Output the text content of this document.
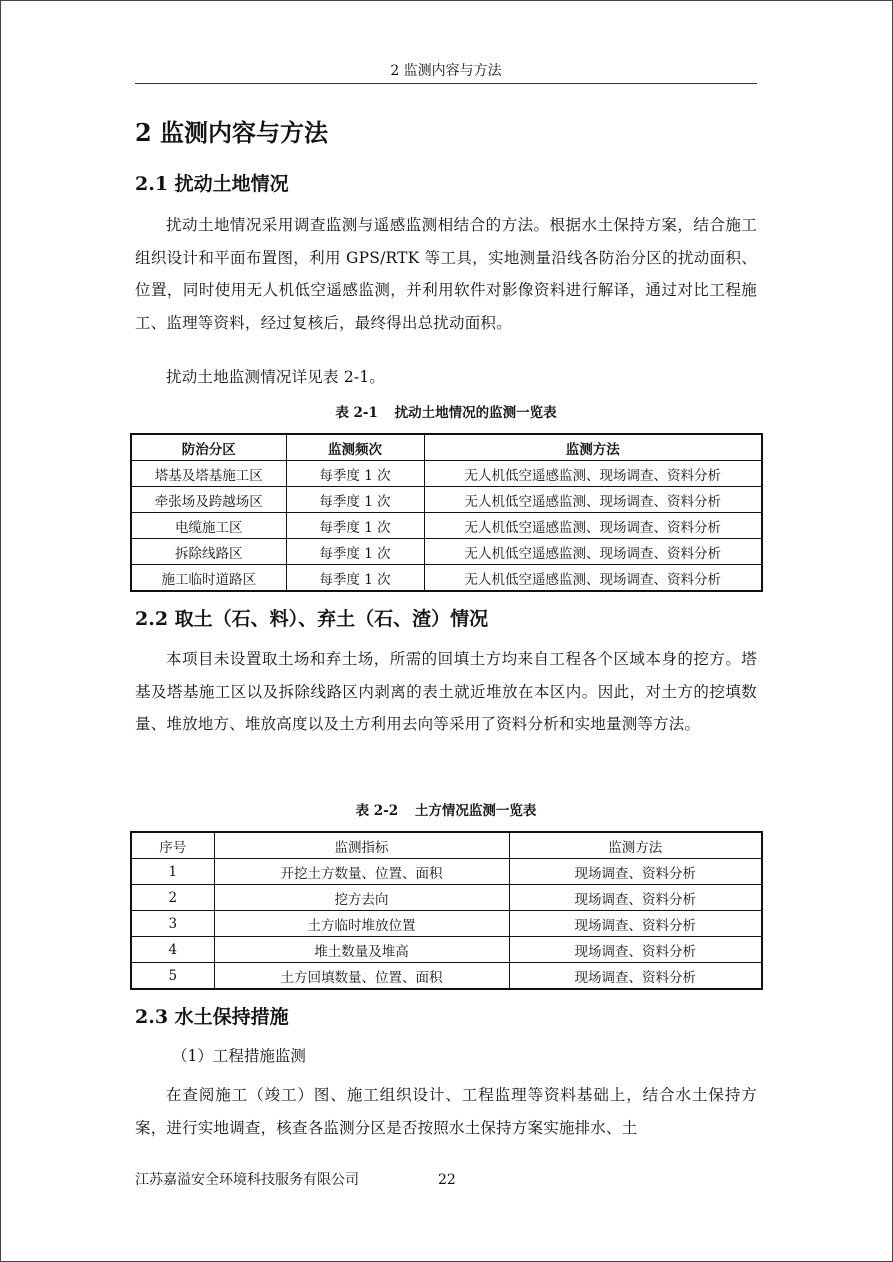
2 监测内容与方法
2 监测内容与方法
2.1 扰动土地情况

扰动土地情况采用调查监测与遥感监测相结合的方法。根据水土保持方案，结合施工组织设计和平面布置图，利用 GPS/RTK 等工具，实地测量沿线各防治分区的扰动面积、位置，同时使用无人机低空遥感监测，并利用软件对影像资料进行解译，通过对比工程施工、监理等资料，经过复核后，最终得出总扰动面积。

扰动土地监测情况详见表 2-1。

表 2-1 扰动土地情况的监测一览表
防治分区	监测频次	监测方法
塔基及塔基施工区	每季度 1 次	无人机低空遥感监测、现场调查、资料分析
牵张场及跨越场区	每季度 1 次	无人机低空遥感监测、现场调查、资料分析
电缆施工区	每季度 1 次	无人机低空遥感监测、现场调查、资料分析
拆除线路区	每季度 1 次	无人机低空遥感监测、现场调查、资料分析
施工临时道路区	每季度 1 次	无人机低空遥感监测、现场调查、资料分析
2.2 取土（石、料）、弃土（石、渣）情况

本项目未设置取土场和弃土场，所需的回填土方均来自工程各个区域本身的挖方。塔基及塔基施工区以及拆除线路区内剥离的表土就近堆放在本区内。因此，对土方的挖填数量、堆放地方、堆放高度以及土方利用去向等采用了资料分析和实地量测等方法。

表 2-2 土方情况监测一览表
序号	监测指标	监测方法
1	开挖土方数量、位置、面积	现场调查、资料分析
2	挖方去向	现场调查、资料分析
3	土方临时堆放位置	现场调查、资料分析
4	堆土数量及堆高	现场调查、资料分析
5	土方回填数量、位置、面积	现场调查、资料分析
2.3 水土保持措施

（1）工程措施监测

在查阅施工（竣工）图、施工组织设计、工程监理等资料基础上，结合水土保持方案，进行实地调查，核查各监测分区是否按照水土保持方案实施排水、土

江苏嘉溢安全环境科技服务有限公司	22
